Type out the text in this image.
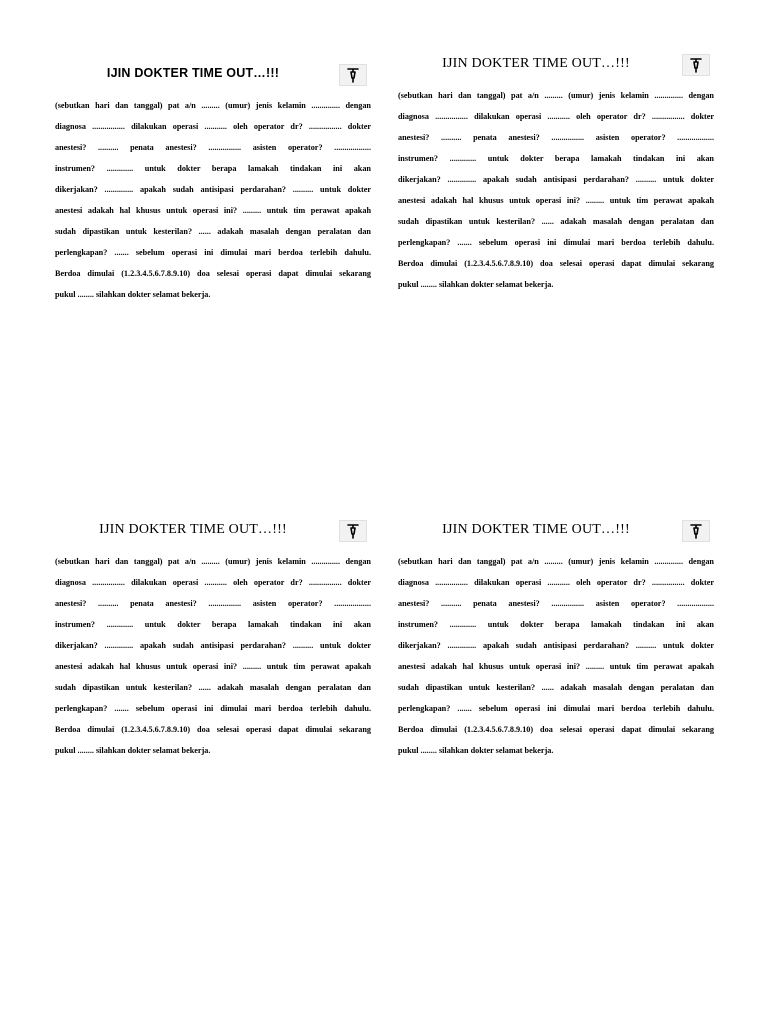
IJIN DOKTER TIME OUT…!!!
(sebutkan hari dan tanggal) pat a/n ......... (umur) jenis kelamin .............. dengan
diagnosa ................ dilakukan operasi ........... oleh operator dr? ................ dokter
anestesi? .......... penata anestesi? ................ asisten operator? ..................
instrumen? ............. untuk dokter berapa lamakah tindakan ini akan
dikerjakan? .............. apakah sudah antisipasi perdarahan? .......... untuk dokter
anestesi adakah hal khusus untuk operasi ini? ......... untuk tim perawat apakah
sudah dipastikan untuk kesterilan? ...... adakah masalah dengan peralatan dan
perlengkapan? ....... sebelum operasi ini dimulai mari berdoa terlebih dahulu.
Berdoa dimulai (1.2.3.4.5.6.7.8.9.10) doa selesai operasi dapat dimulai sekarang
pukul ........ silahkan dokter selamat bekerja.
IJIN DOKTER TIME OUT…!!!
(sebutkan hari dan tanggal) pat a/n ......... (umur) jenis kelamin .............. dengan
diagnosa ................ dilakukan operasi ........... oleh operator dr? ................ dokter
anestesi? .......... penata anestesi? ................ asisten operator? ..................
instrumen? ............. untuk dokter berapa lamakah tindakan ini akan
dikerjakan? .............. apakah sudah antisipasi perdarahan? .......... untuk dokter
anestesi adakah hal khusus untuk operasi ini? ......... untuk tim perawat apakah
sudah dipastikan untuk kesterilan? ...... adakah masalah dengan peralatan dan
perlengkapan? ....... sebelum operasi ini dimulai mari berdoa terlebih dahulu.
Berdoa dimulai (1.2.3.4.5.6.7.8.9.10) doa selesai operasi dapat dimulai sekarang
pukul ........ silahkan dokter selamat bekerja.
IJIN DOKTER TIME OUT…!!!
(sebutkan hari dan tanggal) pat a/n ......... (umur) jenis kelamin .............. dengan
diagnosa ................ dilakukan operasi ........... oleh operator dr? ................ dokter
anestesi? .......... penata anestesi? ................ asisten operator? ..................
instrumen? ............. untuk dokter berapa lamakah tindakan ini akan
dikerjakan? .............. apakah sudah antisipasi perdarahan? .......... untuk dokter
anestesi adakah hal khusus untuk operasi ini? ......... untuk tim perawat apakah
sudah dipastikan untuk kesterilan? ...... adakah masalah dengan peralatan dan
perlengkapan? ....... sebelum operasi ini dimulai mari berdoa terlebih dahulu.
Berdoa dimulai (1.2.3.4.5.6.7.8.9.10) doa selesai operasi dapat dimulai sekarang
pukul ........ silahkan dokter selamat bekerja.
IJIN DOKTER TIME OUT…!!!
(sebutkan hari dan tanggal) pat a/n ......... (umur) jenis kelamin .............. dengan
diagnosa ................ dilakukan operasi ........... oleh operator dr? ................ dokter
anestesi? .......... penata anestesi? ................ asisten operator? ..................
instrumen? ............. untuk dokter berapa lamakah tindakan ini akan
dikerjakan? .............. apakah sudah antisipasi perdarahan? .......... untuk dokter
anestesi adakah hal khusus untuk operasi ini? ......... untuk tim perawat apakah
sudah dipastikan untuk kesterilan? ...... adakah masalah dengan peralatan dan
perlengkapan? ....... sebelum operasi ini dimulai mari berdoa terlebih dahulu.
Berdoa dimulai (1.2.3.4.5.6.7.8.9.10) doa selesai operasi dapat dimulai sekarang
pukul ........ silahkan dokter selamat bekerja.
